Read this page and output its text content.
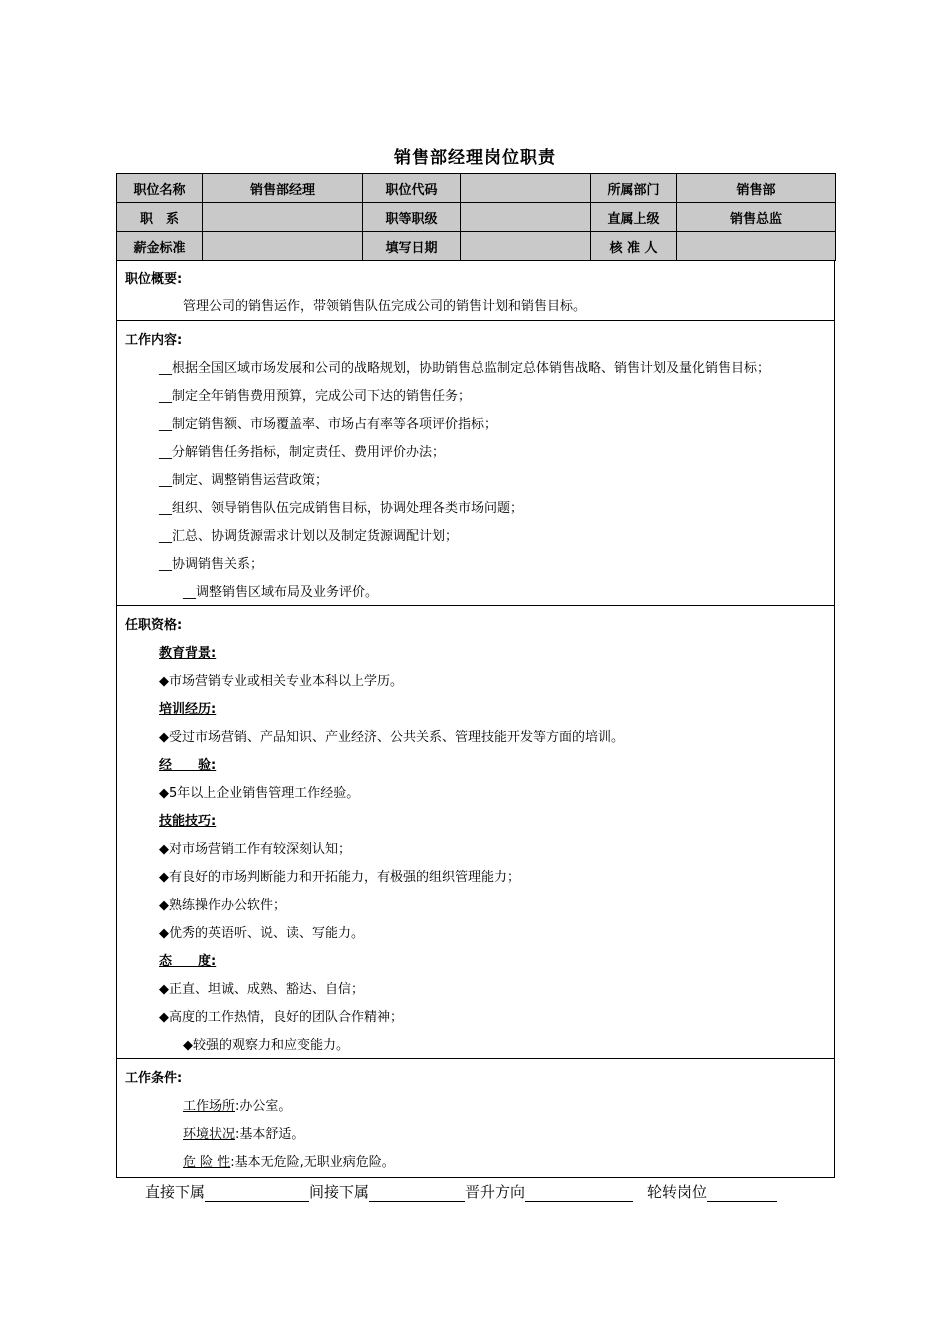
销售部经理岗位职责
职位名称	销售部经理	职位代码		所属部门	销售部
职　系		职等职级		直属上级	销售总监
薪金标准		填写日期		核 准 人	
职位概要:
管理公司的销售运作，带领销售队伍完成公司的销售计划和销售目标。
工作内容:
__根据全国区域市场发展和公司的战略规划，协助销售总监制定总体销售战略、销售计划及量化销售目标；
__制定全年销售费用预算，完成公司下达的销售任务；
__制定销售额、市场覆盖率、市场占有率等各项评价指标；
__分解销售任务指标，制定责任、费用评价办法；
__制定、调整销售运营政策；
__组织、领导销售队伍完成销售目标，协调处理各类市场问题；
__汇总、协调货源需求计划以及制定货源调配计划；
__协调销售关系；
__调整销售区域布局及业务评价。
任职资格:
教育背景:
◆市场营销专业或相关专业本科以上学历。
培训经历:
◆受过市场营销、产品知识、产业经济、公共关系、管理技能开发等方面的培训。
经　　验:
◆5年以上企业销售管理工作经验。
技能技巧:
◆对市场营销工作有较深刻认知；
◆有良好的市场判断能力和开拓能力，有极强的组织管理能力；
◆熟练操作办公软件；
◆优秀的英语听、说、读、写能力。
态　　度:
◆正直、坦诚、成熟、豁达、自信；
◆高度的工作热情，良好的团队合作精神；
◆较强的观察力和应变能力。
工作条件:
工作场所:办公室。
环境状况:基本舒适。
危 险 性:基本无危险,无职业病危险。
直接下属	间接下属	晋升方向	轮转岗位
